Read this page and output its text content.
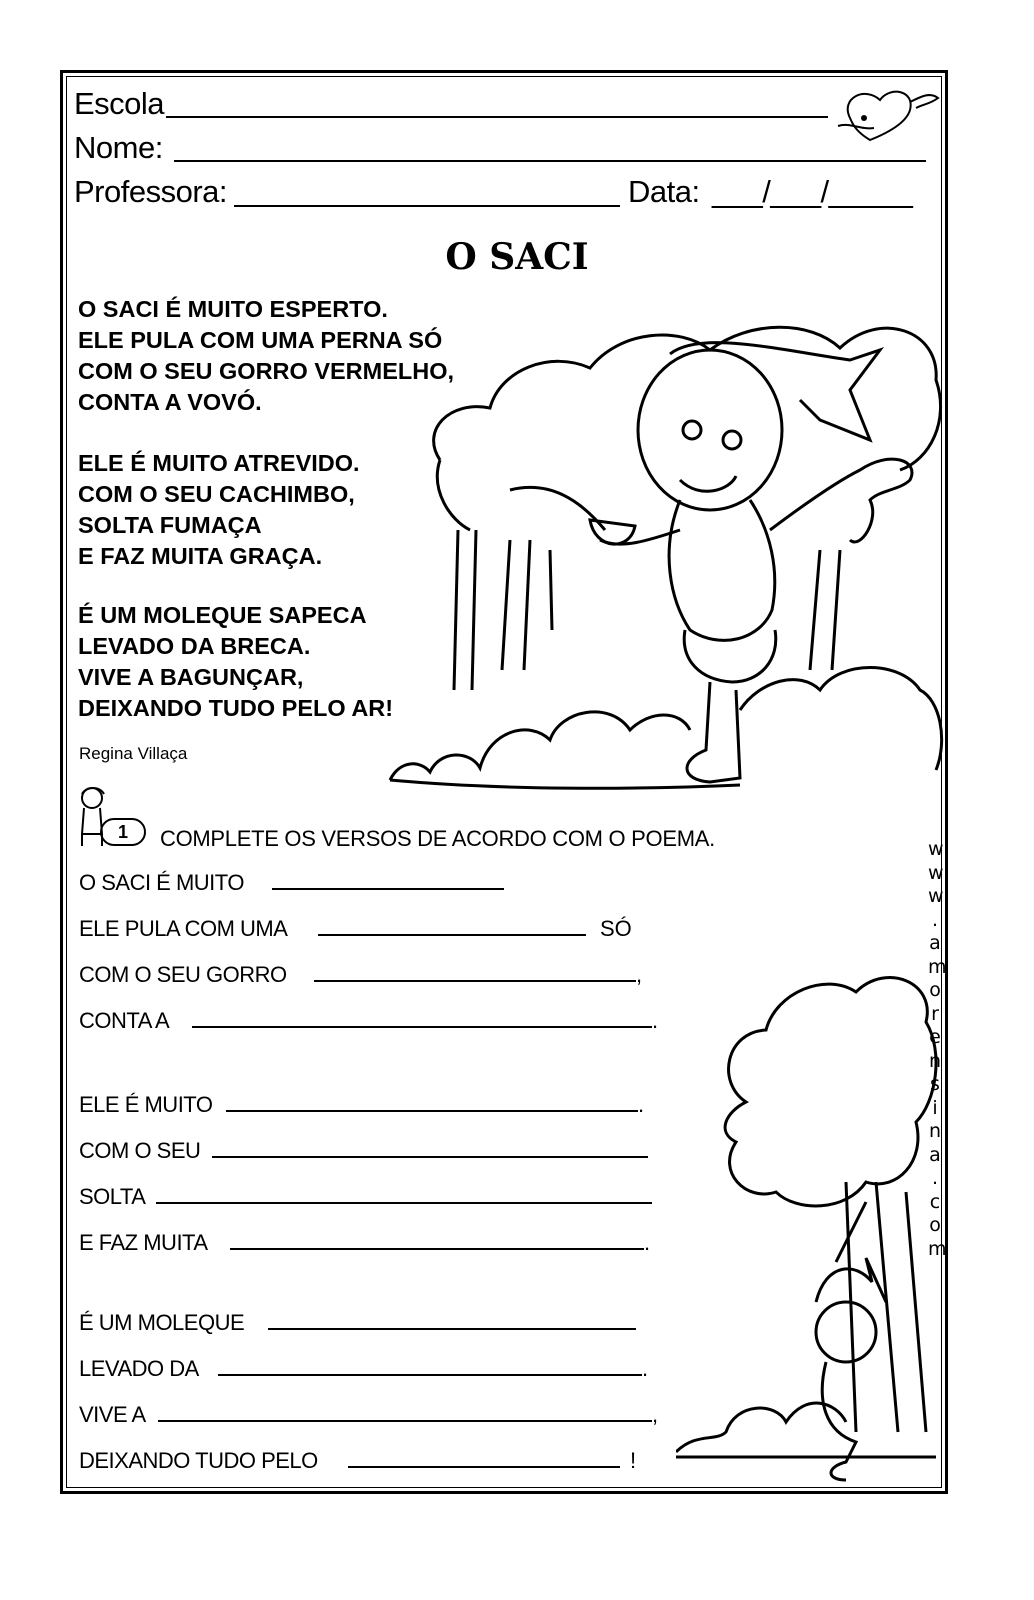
Escola
Nome:
Professora:	Data: ___/___/_____
O SACI
O SACI É MUITO ESPERTO.
ELE PULA COM UMA PERNA SÓ
COM O SEU GORRO VERMELHO,
CONTA A VOVÓ.
ELE É MUITO ATREVIDO.
COM O SEU CACHIMBO,
SOLTA FUMAÇA
E FAZ MUITA GRAÇA.
É UM MOLEQUE SAPECA
LEVADO DA BRECA.
VIVE A BAGUNÇAR,
DEIXANDO TUDO PELO AR!
Regina Villaça
1	COMPLETE OS VERSOS DE ACORDO COM O POEMA.
O SACI É MUITO
ELE PULA COM UMA	SÓ
COM O SEU GORRO	,
CONTA A	.
ELE É MUITO	.
COM O SEU
SOLTA
E FAZ MUITA	.
É UM MOLEQUE
LEVADO DA	.
VIVE A	,
DEIXANDO TUDO PELO	!
w
w
w
.
a
m
o
r
e
n
s
i
n
a
.
c
o
m
